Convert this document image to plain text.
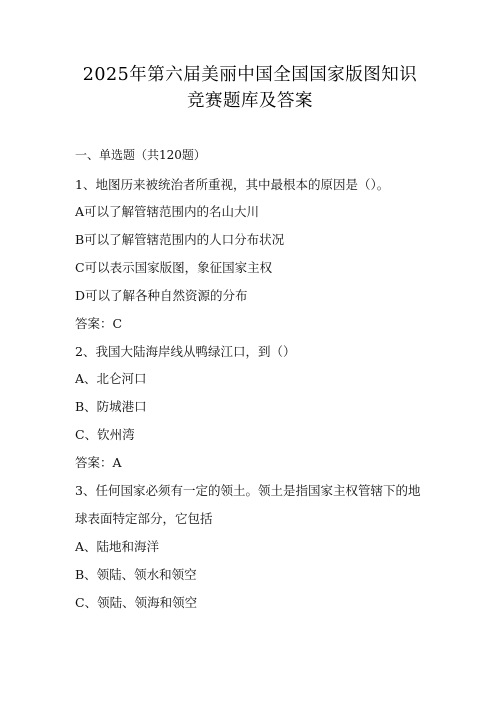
2025年第六届美丽中国全国国家版图知识
竞赛题库及答案
一、单选题（共120题）
1、地图历来被统治者所重视，其中最根本的原因是（）。
A可以了解管辖范围内的名山大川
B可以了解管辖范围内的人口分布状况
C可以表示国家版图，象征国家主权
D可以了解各种自然资源的分布
答案：C
2、我国大陆海岸线从鸭绿江口，到（）
A、北仑河口
B、防城港口
C、钦州湾
答案：A
3、任何国家必须有一定的领土。领土是指国家主权管辖下的地
球表面特定部分，它包括
A、陆地和海洋
B、领陆、领水和领空
C、领陆、领海和领空
